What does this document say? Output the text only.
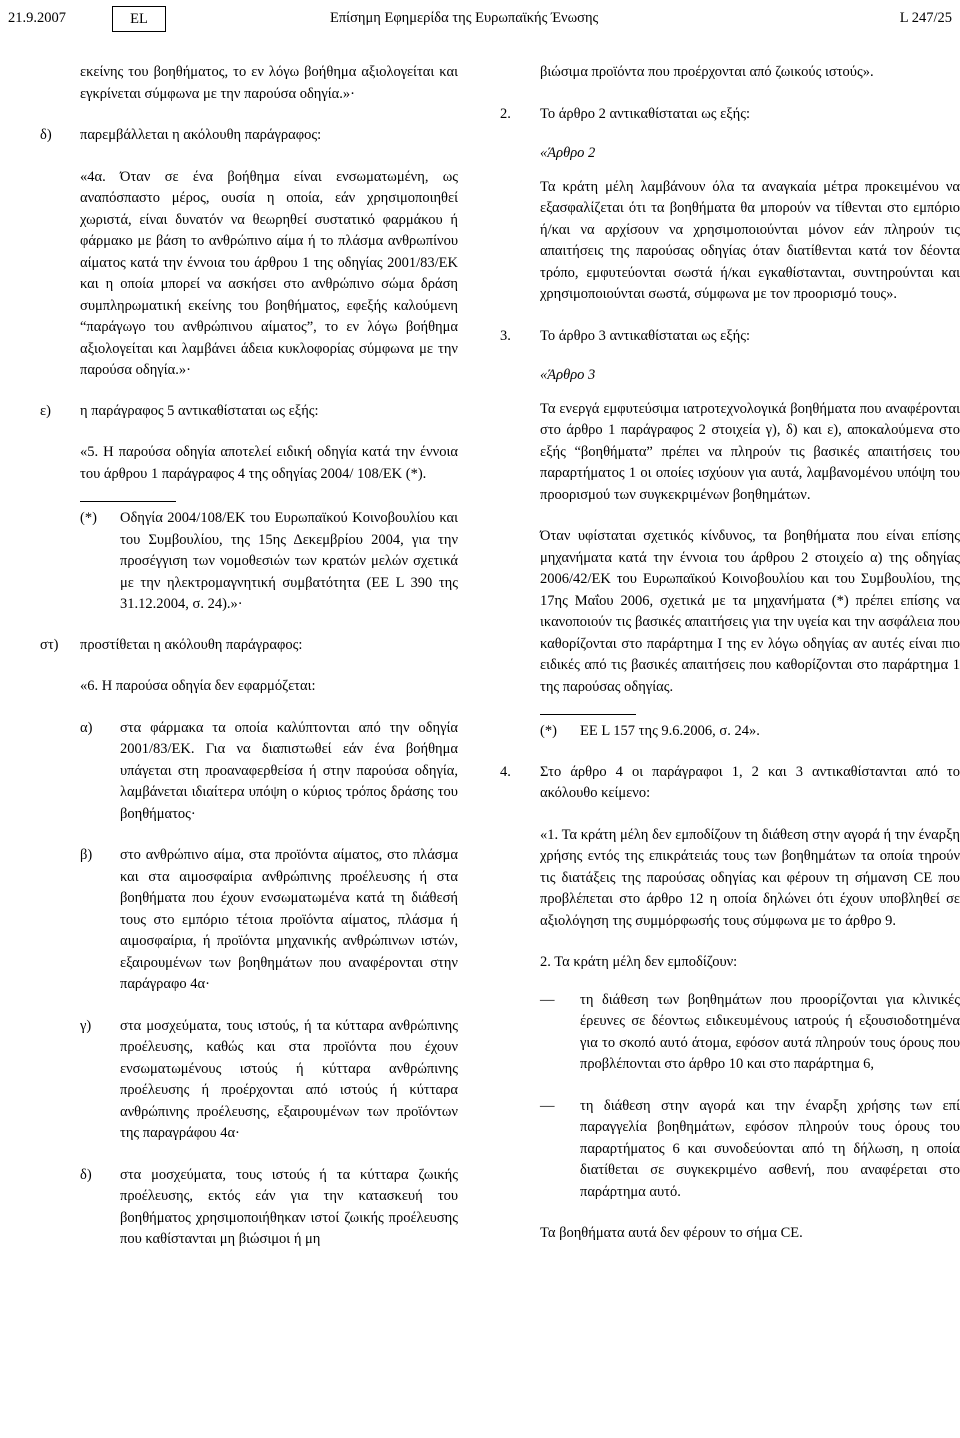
21.9.2007	EL	Επίσημη Εφημερίδα της Ευρωπαϊκής Ένωσης	L 247/25

εκείνης του βοηθήματος, το εν λόγω βοήθημα αξιολογείται και εγκρίνεται σύμφωνα με την παρούσα οδηγία.»·

δ)	παρεμβάλλεται η ακόλουθη παράγραφος:

«4α. Όταν σε ένα βοήθημα είναι ενσωματωμένη, ως αναπόσπαστο μέρος, ουσία η οποία, εάν χρησιμοποιηθεί χωριστά, είναι δυνατόν να θεωρηθεί συστατικό φαρμάκου ή φάρμακο με βάση το ανθρώπινο αίμα ή το πλάσμα ανθρωπίνου αίματος κατά την έννοια του άρθρου 1 της οδηγίας 2001/83/ΕΚ και η οποία μπορεί να ασκήσει στο ανθρώπινο σώμα δράση συμπληρωματική εκείνης του βοηθήματος, εφεξής καλούμενη “παράγωγο του ανθρώπινου αίματος”, το εν λόγω βοήθημα αξιολογείται και λαμβάνει άδεια κυκλοφορίας σύμφωνα με την παρούσα οδηγία.»·

ε)	η παράγραφος 5 αντικαθίσταται ως εξής:

«5. Η παρούσα οδηγία αποτελεί ειδική οδηγία κατά την έννοια του άρθρου 1 παράγραφος 4 της οδηγίας 2004/ 108/ΕΚ (*).

(*)	Οδηγία 2004/108/ΕΚ του Ευρωπαϊκού Κοινοβουλίου και του Συμβουλίου, της 15ης Δεκεμβρίου 2004, για την προσέγγιση των νομοθεσιών των κρατών μελών σχετικά με την ηλεκτρομαγνητική συμβατότητα (ΕΕ L 390 της 31.12.2004, σ. 24).»·
στ)	προστίθεται η ακόλουθη παράγραφος:

«6. Η παρούσα οδηγία δεν εφαρμόζεται:

α)	στα φάρμακα τα οποία καλύπτονται από την οδηγία 2001/83/ΕΚ. Για να διαπιστωθεί εάν ένα βοήθημα υπάγεται στη προαναφερθείσα ή στην παρούσα οδηγία, λαμβάνεται ιδιαίτερα υπόψη ο κύριος τρόπος δράσης του βοηθήματος·
β)	στο ανθρώπινο αίμα, στα προϊόντα αίματος, στο πλάσμα και στα αιμοσφαίρια ανθρώπινης προέλευσης ή στα βοηθήματα που έχουν ενσωματωμένα κατά τη διάθεσή τους στο εμπόριο τέτοια προϊόντα αίματος, πλάσμα ή αιμοσφαίρια, ή προϊόντα μηχανικής ανθρώπινων ιστών, εξαιρουμένων των βοηθημάτων που αναφέρονται στην παράγραφο 4α·
γ)	στα μοσχεύματα, τους ιστούς, ή τα κύτταρα ανθρώπινης προέλευσης, καθώς και στα προϊόντα που έχουν ενσωματωμένους ιστούς ή κύτταρα ανθρώπινης προέλευσης ή προέρχονται από ιστούς ή κύτταρα ανθρώπινης προέλευσης, εξαιρουμένων των προϊόντων της παραγράφου 4α·
δ)	στα μοσχεύματα, τους ιστούς ή τα κύτταρα ζωικής προέλευσης, εκτός εάν για την κατασκευή του βοηθήματος χρησιμοποιήθηκαν ιστοί ζωικής προέλευσης που καθίστανται μη βιώσιμοι ή μη

βιώσιμα προϊόντα που προέρχονται από ζωικούς ιστούς».

2.	Το άρθρο 2 αντικαθίσταται ως εξής:

«Άρθρο 2

Τα κράτη μέλη λαμβάνουν όλα τα αναγκαία μέτρα προκειμένου να εξασφαλίζεται ότι τα βοηθήματα θα μπορούν να τίθενται στο εμπόριο ή/και να αρχίσουν να χρησιμοποιούνται μόνον εάν πληρούν τις απαιτήσεις της παρούσας οδηγίας όταν διατίθενται κατά τον δέοντα τρόπο, εμφυτεύονται σωστά ή/και εγκαθίστανται, συντηρούνται και χρησιμοποιούνται σωστά, σύμφωνα με τον προορισμό τους».

3.	Το άρθρο 3 αντικαθίσταται ως εξής:

«Άρθρο 3

Τα ενεργά εμφυτεύσιμα ιατροτεχνολογικά βοηθήματα που αναφέρονται στο άρθρο 1 παράγραφος 2 στοιχεία γ), δ) και ε), αποκαλούμενα στο εξής “βοηθήματα” πρέπει να πληρούν τις βασικές απαιτήσεις του παραρτήματος 1 οι οποίες ισχύουν για αυτά, λαμβανομένου υπόψη του προορισμού των συγκεκριμένων βοηθημάτων.

Όταν υφίσταται σχετικός κίνδυνος, τα βοηθήματα που είναι επίσης μηχανήματα κατά την έννοια του άρθρου 2 στοιχείο α) της οδηγίας 2006/42/ΕΚ του Ευρωπαϊκού Κοινοβουλίου και του Συμβουλίου, της 17ης Μαΐου 2006, σχετικά με τα μηχανήματα (*) πρέπει επίσης να ικανοποιούν τις βασικές απαιτήσεις για την υγεία και την ασφάλεια που καθορίζονται στο παράρτημα I της εν λόγω οδηγίας αν αυτές είναι πιο ειδικές από τις βασικές απαιτήσεις που καθορίζονται στο παράρτημα 1 της παρούσας οδηγίας.

(*)	ΕΕ L 157 της 9.6.2006, σ. 24».
4.	Στο άρθρο 4 οι παράγραφοι 1, 2 και 3 αντικαθίστανται από το ακόλουθο κείμενο:

«1. Τα κράτη μέλη δεν εμποδίζουν τη διάθεση στην αγορά ή την έναρξη χρήσης εντός της επικράτειάς τους των βοηθημάτων τα οποία τηρούν τις διατάξεις της παρούσας οδηγίας και φέρουν τη σήμανση CE που προβλέπεται στο άρθρο 12 η οποία δηλώνει ότι έχουν υποβληθεί σε αξιολόγηση της συμμόρφωσής τους σύμφωνα με το άρθρο 9.

2. Τα κράτη μέλη δεν εμποδίζουν:

—	τη διάθεση των βοηθημάτων που προορίζονται για κλινικές έρευνες σε δέοντως ειδικευμένους ιατρούς ή εξουσιοδοτημένα για το σκοπό αυτό άτομα, εφόσον αυτά πληρούν τους όρους που προβλέπονται στο άρθρο 10 και στο παράρτημα 6,
—	τη διάθεση στην αγορά και την έναρξη χρήσης των επί παραγγελία βοηθημάτων, εφόσον πληρούν τους όρους του παραρτήματος 6 και συνοδεύονται από τη δήλωση, η οποία διατίθεται σε συγκεκριμένο ασθενή, που αναφέρεται στο παράρτημα αυτό.

Τα βοηθήματα αυτά δεν φέρουν το σήμα CE.
